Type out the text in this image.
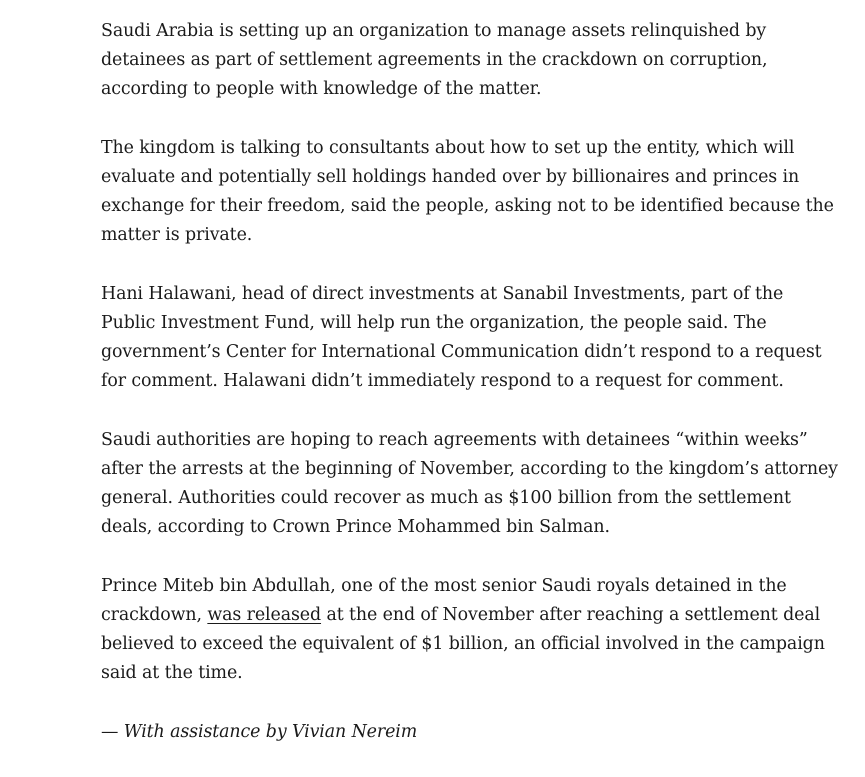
Saudi Arabia is setting up an organization to manage assets relinquished by detainees as part of settlement agreements in the crackdown on corruption, according to people with knowledge of the matter.

The kingdom is talking to consultants about how to set up the entity, which will evaluate and potentially sell holdings handed over by billionaires and princes in exchange for their freedom, said the people, asking not to be identified because the matter is private.

Hani Halawani, head of direct investments at Sanabil Investments, part of the Public Investment Fund, will help run the organization, the people said. The government’s Center for International Communication didn’t respond to a request for comment. Halawani didn’t immediately respond to a request for comment.

Saudi authorities are hoping to reach agreements with detainees “within weeks” after the arrests at the beginning of November, according to the kingdom’s attorney general. Authorities could recover as much as $100 billion from the settlement deals, according to Crown Prince Mohammed bin Salman.

Prince Miteb bin Abdullah, one of the most senior Saudi royals detained in the crackdown, was released at the end of November after reaching a settlement deal believed to exceed the equivalent of $1 billion, an official involved in the campaign said at the time.

— With assistance by Vivian Nereim
